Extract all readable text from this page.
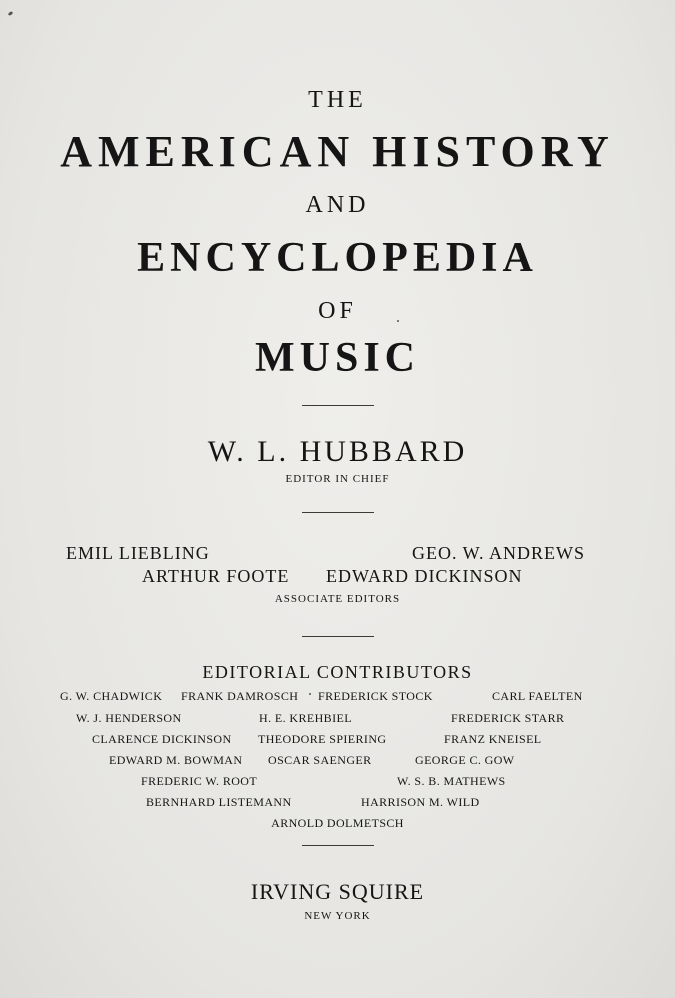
THE
AMERICAN HISTORY
AND
ENCYCLOPEDIA
OF
MUSIC
W. L. HUBBARD
EDITOR IN CHIEF
EMIL LIEBLING	GEO. W. ANDREWS
ARTHUR FOOTE EDWARD DICKINSON
ASSOCIATE EDITORS
EDITORIAL CONTRIBUTORS
G. W. CHADWICK FRANK DAMROSCH FREDERICK STOCK	CARL FAELTEN
W. J. HENDERSON	H. E. KREHBIEL	FREDERICK STARR
CLARENCE DICKINSON THEODORE SPIERING	FRANZ KNEISEL
EDWARD M. BOWMAN OSCAR SAENGER	GEORGE C. GOW
FREDERIC W. ROOT	W. S. B. MATHEWS
BERNHARD LISTEMANN	HARRISON M. WILD
ARNOLD DOLMETSCH
IRVING SQUIRE
NEW YORK
